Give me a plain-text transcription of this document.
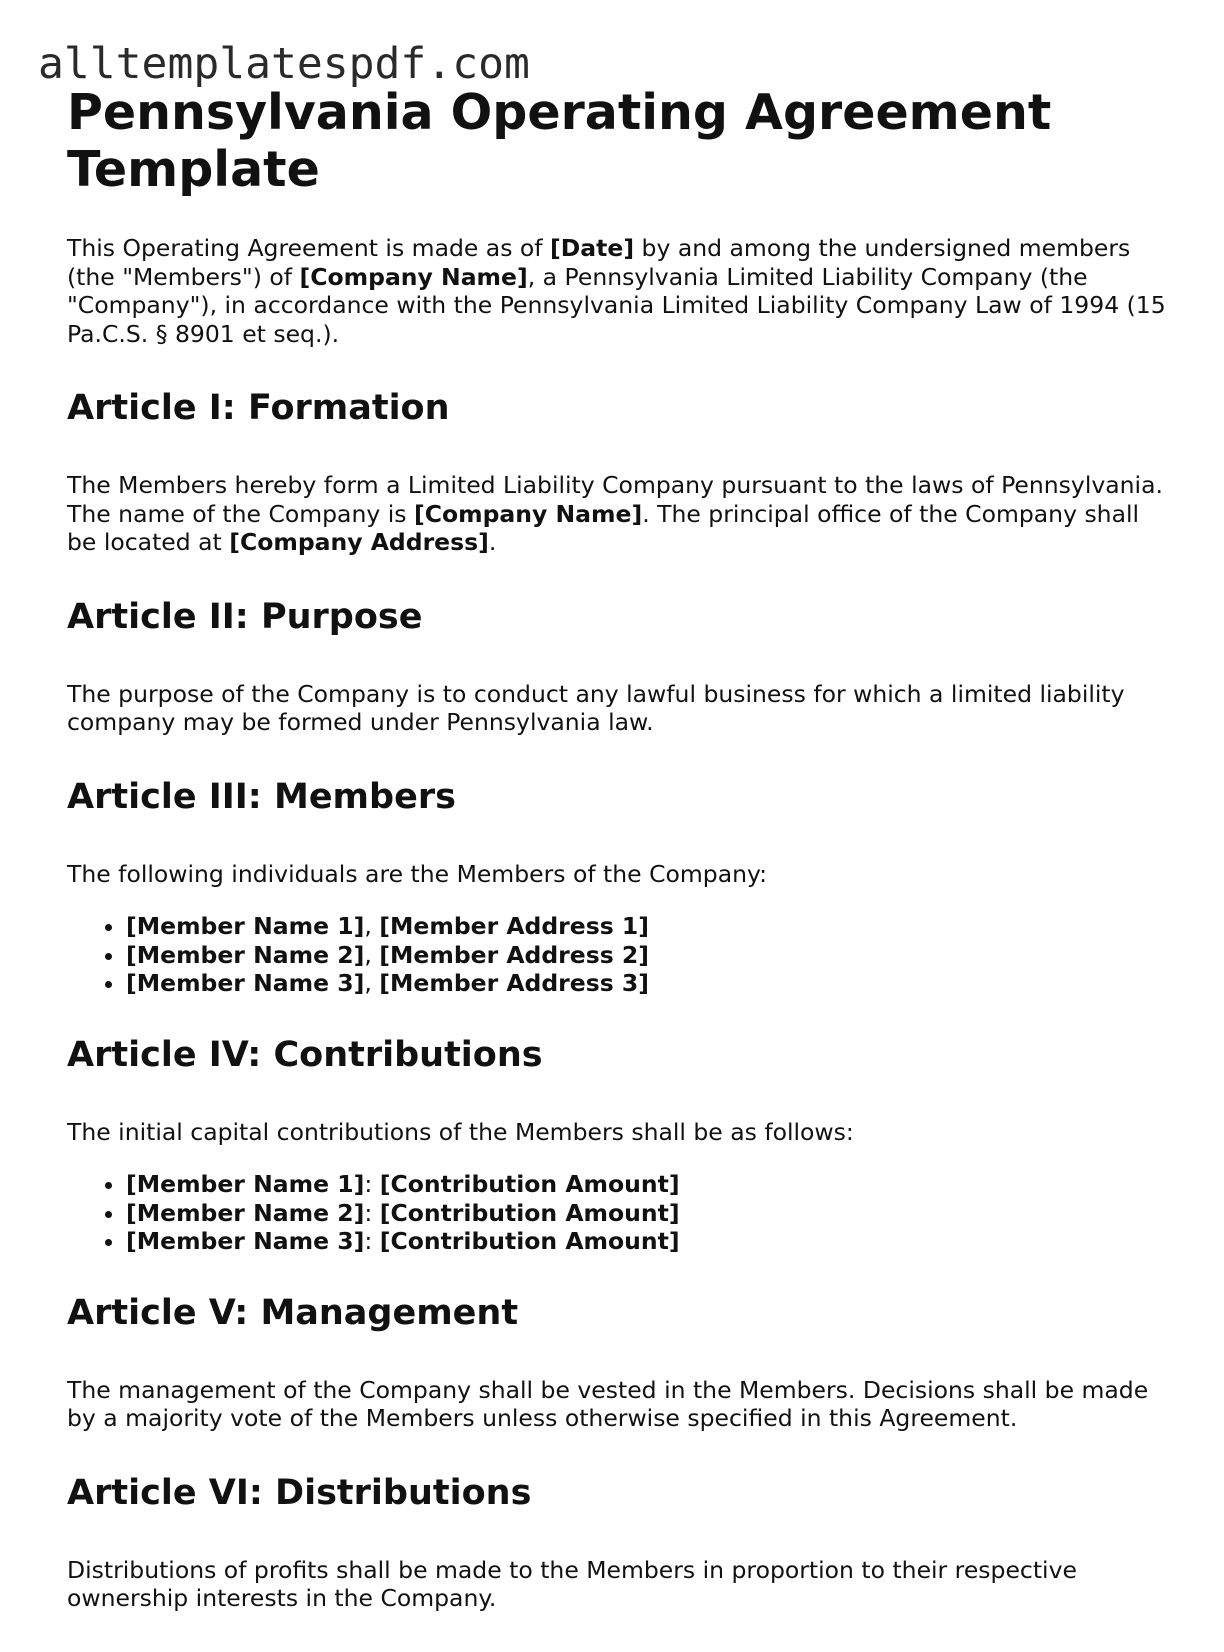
alltemplatespdf.com
Pennsylvania Operating Agreement Template

This Operating Agreement is made as of [Date] by and among the undersigned members (the "Members") of [Company Name], a Pennsylvania Limited Liability Company (the "Company"), in accordance with the Pennsylvania Limited Liability Company Law of 1994 (15 Pa.C.S. § 8901 et seq.).

Article I: Formation

The Members hereby form a Limited Liability Company pursuant to the laws of Pennsylvania. The name of the Company is [Company Name]. The principal office of the Company shall be located at [Company Address].

Article II: Purpose

The purpose of the Company is to conduct any lawful business for which a limited liability company may be formed under Pennsylvania law.

Article III: Members

The following individuals are the Members of the Company:

• [Member Name 1], [Member Address 1]
• [Member Name 2], [Member Address 2]
• [Member Name 3], [Member Address 3]
Article IV: Contributions

The initial capital contributions of the Members shall be as follows:

• [Member Name 1]: [Contribution Amount]
• [Member Name 2]: [Contribution Amount]
• [Member Name 3]: [Contribution Amount]
Article V: Management

The management of the Company shall be vested in the Members. Decisions shall be made by a majority vote of the Members unless otherwise specified in this Agreement.

Article VI: Distributions

Distributions of profits shall be made to the Members in proportion to their respective ownership interests in the Company.
